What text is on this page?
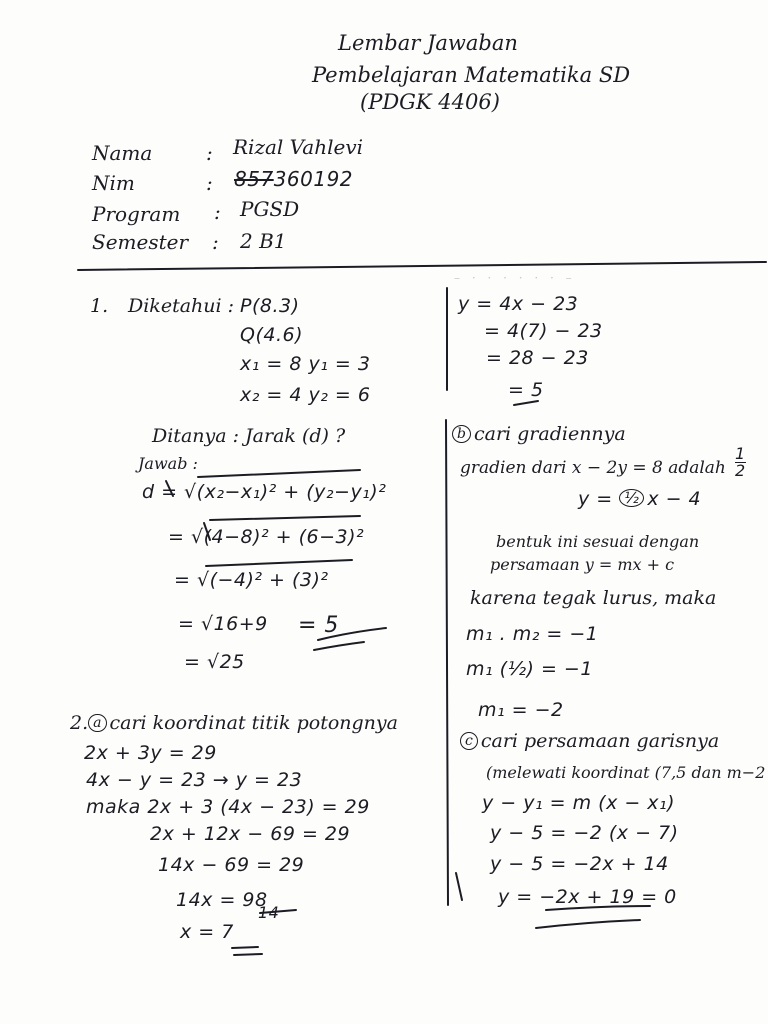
Lembar Jawaban
Pembelajaran Matematika SD
(PDGK 4406)
Nama	: Rizal Vahlevi
Nim	: 857360192
Program : PGSD
Semester : 2 B1
1. Diketahui : P(8.3)
Q(4.6)
x₁ = 8 y₁ = 3
x₂ = 4 y₂ = 6
Ditanya : Jarak (d) ?
Jawab :
d = √(x₂−x₁)² + (y₂−y₁)²
= √(4−8)² + (6−3)²
= √(−4)² + (3)²
= √16+9
= √25
= 5
2. a cari koordinat titik potongnya
2x + 3y = 29
4x − y = 23 → y = 23
maka 2x + 3 (4x − 23) = 29
2x + 12x − 69 = 29
14x − 69 = 29
14x = 98
x = 7
14
– · · · · · · –
y = 4x − 23
= 4(7) − 23
= 28 − 23
= 5
b cari gradiennya
gradien dari x − 2y = 8 adalah $\frac{1}{2}$
y = ½ x − 4
bentuk ini sesuai dengan
persamaan y = mx + c
karena tegak lurus, maka
m₁ . m₂ = −1
m₁ (½) = −1
m₁ = −2
c cari persamaan garisnya
(melewati koordinat (7,5 dan m−2
y − y₁ = m (x − x₁)
y − 5 = −2 (x − 7)
y − 5 = −2x + 14
y = −2x + 19 = 0
